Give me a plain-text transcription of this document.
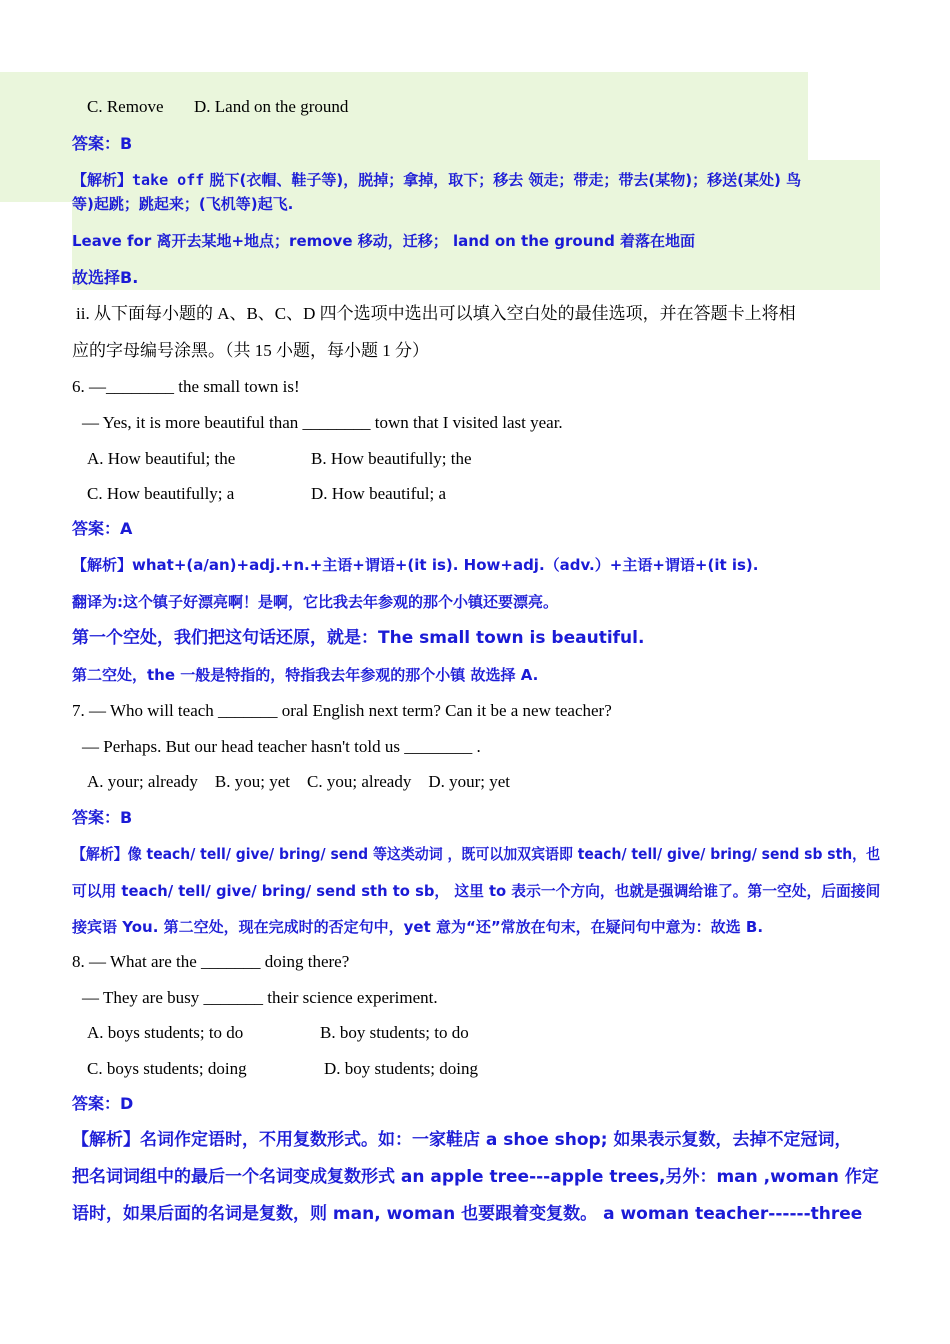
C. Remove D. Land on the ground
答案：B
【解析】take off 脱下(衣帽、鞋子等)，脱掉；拿掉，取下；移去 领走；带走；带去(某物)；移送(某处) 鸟
等)起跳；跳起来；(飞机等)起飞.
Leave for 离开去某地+地点；remove 移动，迁移； land on the ground 着落在地面
故选择B.
ii. 从下面每小题的 A、B、C、D 四个选项中选出可以填入空白处的最佳选项，并在答题卡上将相
应的字母编号涂黑。（共 15 小题，每小题 1 分）
6. —________ the small town is!
— Yes, it is more beautiful than ________ town that I visited last year.
A. How beautiful; the	B. How beautifully; the
C. How beautifully; a	D. How beautiful; a
答案：A
【解析】what+(a/an)+adj.+n.+主语+谓语+(it is). How+adj.（adv.）+主语+谓语+(it is).
翻译为:这个镇子好漂亮啊！是啊，它比我去年参观的那个小镇还要漂亮。
第一个空处，我们把这句话还原，就是：The small town is beautiful.
第二空处，the 一般是特指的，特指我去年参观的那个小镇 故选择 A.
7. — Who will teach _______ oral English next term? Can it be a new teacher?
— Perhaps. But our head teacher hasn't told us ________ .
A. your; already    B. you; yet    C. you; already    D. your; yet
答案：B
【解析】像 teach/ tell/ give/ bring/ send 等这类动词 ，既可以加双宾语即 teach/ tell/ give/ bring/ send sb sth，也
可以用 teach/ tell/ give/ bring/ send sth to sb， 这里 to 表示一个方向，也就是强调给谁了。第一空处，后面接间
接宾语 You. 第二空处，现在完成时的否定句中，yet 意为“还”常放在句末，在疑问句中意为：故选 B.
8. — What are the _______ doing there?
— They are busy _______ their science experiment.
A. boys students; to do	B. boy students; to do
C. boys students; doing	D. boy students; doing
答案：D
【解析】名词作定语时，不用复数形式。如：一家鞋店 a shoe shop; 如果表示复数，去掉不定冠词，
把名词词组中的最后一个名词变成复数形式 an apple tree---apple trees,另外：man ,woman 作定
语时，如果后面的名词是复数，则 man, woman 也要跟着变复数。 a woman teacher------three
